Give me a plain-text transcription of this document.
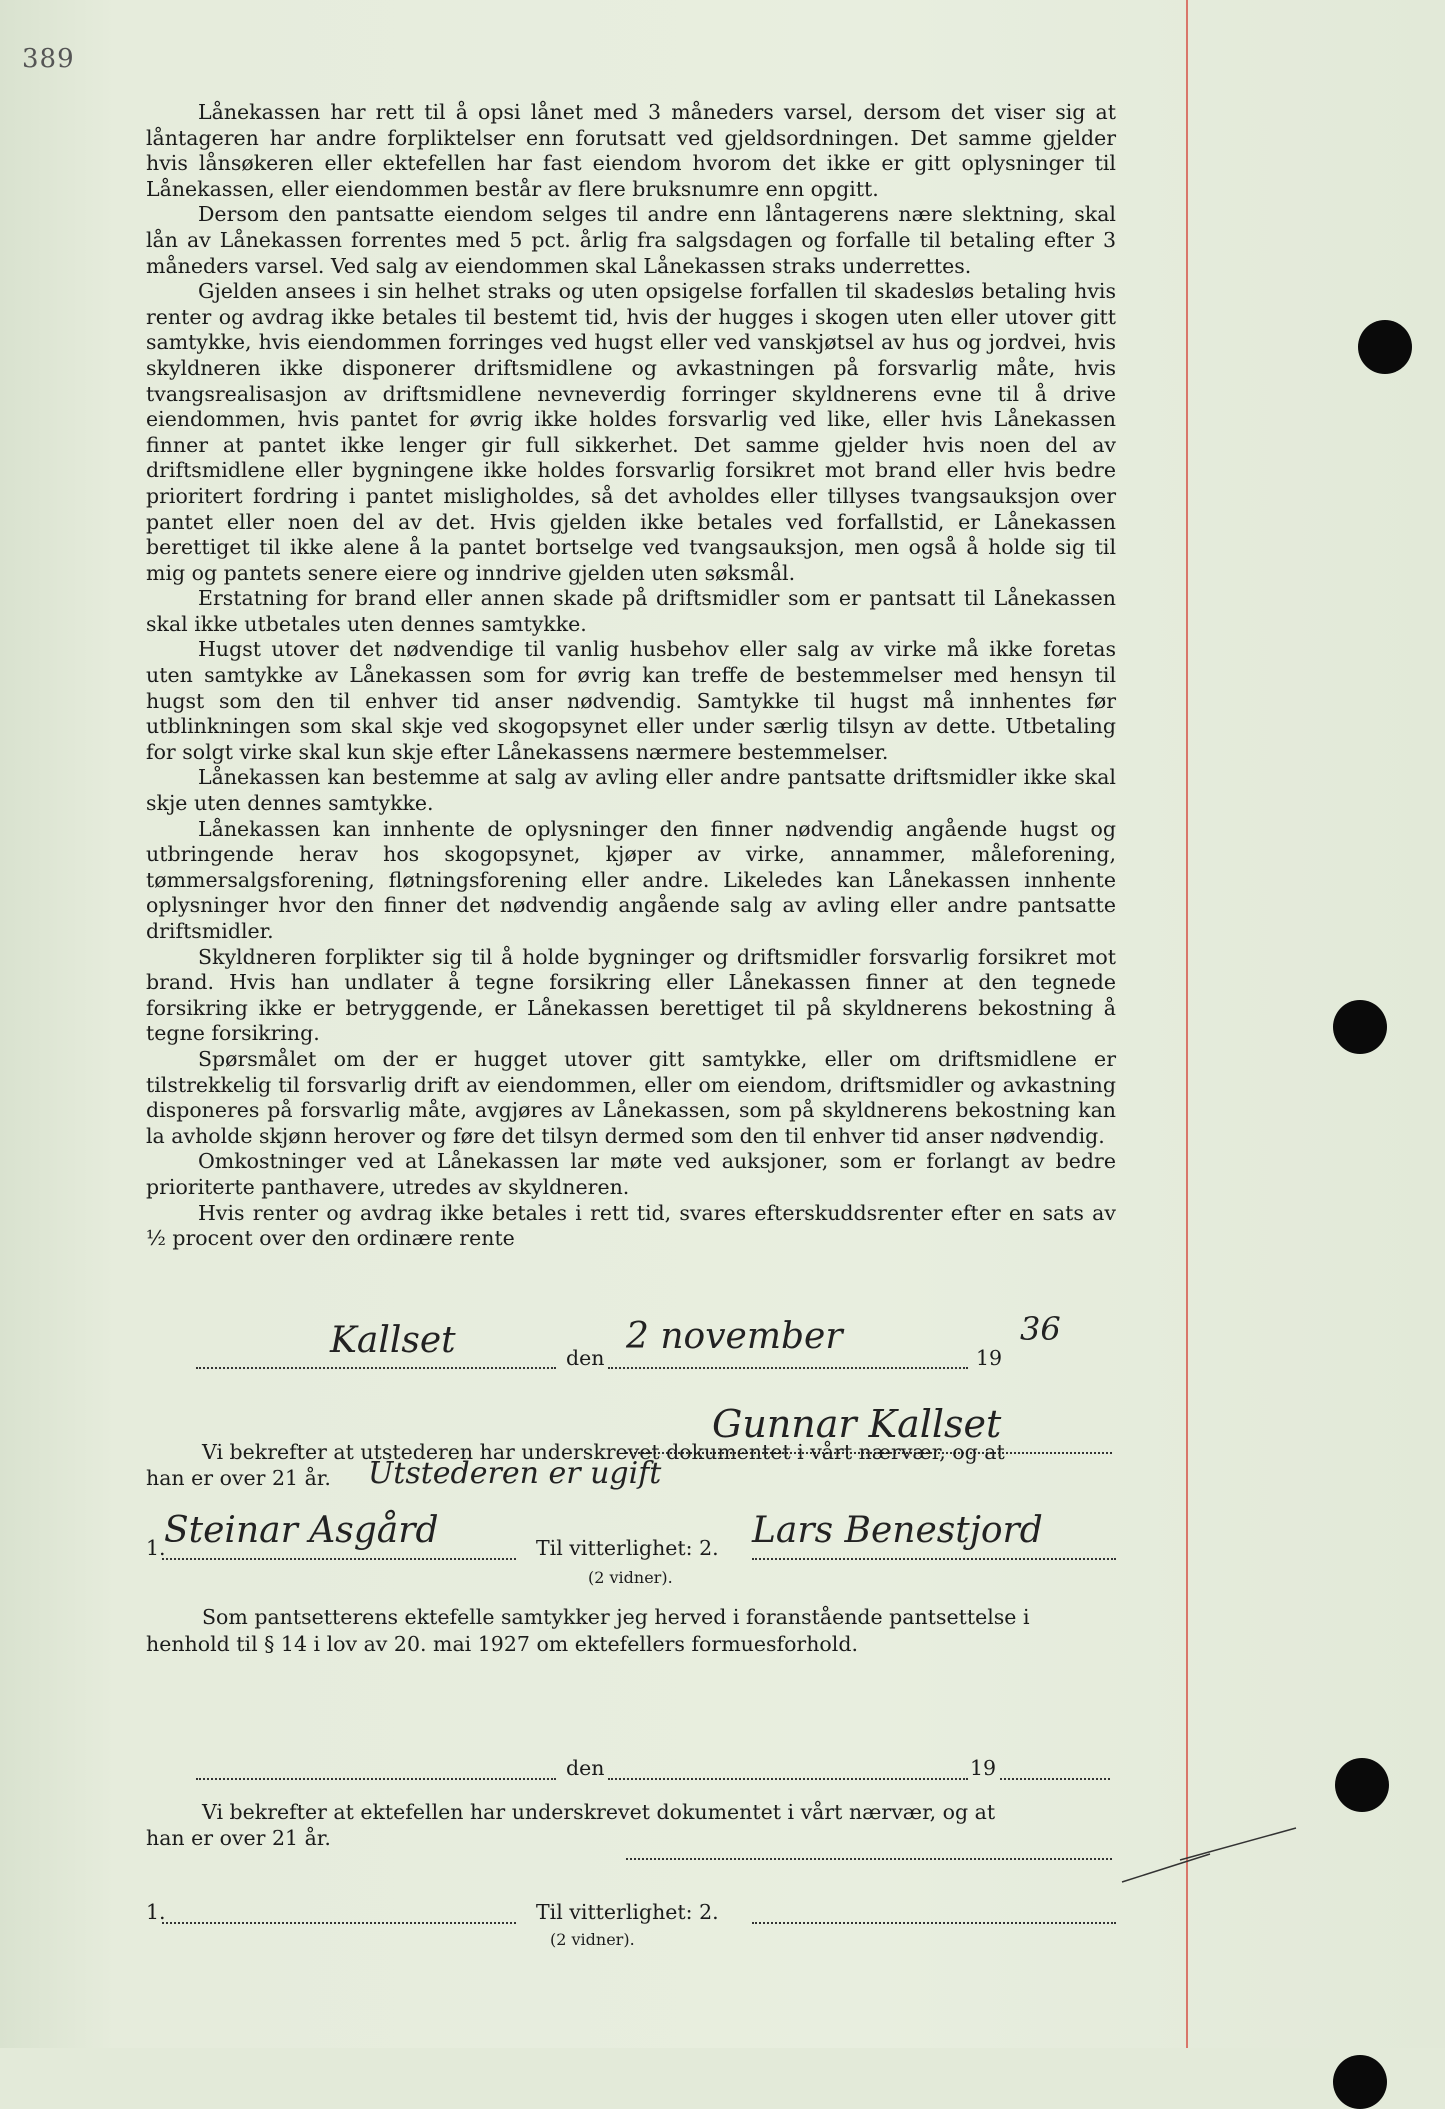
389

Lånekassen har rett til å opsi lånet med 3 måneders varsel, dersom det viser sig at låntageren har andre forpliktelser enn forutsatt ved gjeldsordningen. Det samme gjelder hvis lånsøkeren eller ektefellen har fast eiendom hvorom det ikke er gitt oplysninger til Lånekassen, eller eiendommen består av flere bruksnumre enn opgitt.

Dersom den pantsatte eiendom selges til andre enn låntagerens nære slektning, skal lån av Lånekassen forrentes med 5 pct. årlig fra salgsdagen og forfalle til betaling efter 3 måneders varsel. Ved salg av eiendommen skal Lånekassen straks underrettes.

Gjelden ansees i sin helhet straks og uten opsigelse forfallen til skadesløs betaling hvis renter og avdrag ikke betales til bestemt tid, hvis der hugges i skogen uten eller utover gitt samtykke, hvis eiendommen forringes ved hugst eller ved vanskjøtsel av hus og jordvei, hvis skyldneren ikke disponerer driftsmidlene og avkastningen på forsvarlig måte, hvis tvangsrealisasjon av driftsmidlene nevneverdig forringer skyldnerens evne til å drive eiendommen, hvis pantet for øvrig ikke holdes forsvarlig ved like, eller hvis Lånekassen finner at pantet ikke lenger gir full sikkerhet. Det samme gjelder hvis noen del av driftsmidlene eller bygningene ikke holdes forsvarlig forsikret mot brand eller hvis bedre prioritert fordring i pantet misligholdes, så det avholdes eller tillyses tvangsauksjon over pantet eller noen del av det. Hvis gjelden ikke betales ved forfallstid, er Lånekassen berettiget til ikke alene å la pantet bortselge ved tvangsauksjon, men også å holde sig til mig og pantets senere eiere og inndrive gjelden uten søksmål.

Erstatning for brand eller annen skade på driftsmidler som er pantsatt til Lånekassen skal ikke utbetales uten dennes samtykke.

Hugst utover det nødvendige til vanlig husbehov eller salg av virke må ikke foretas uten samtykke av Lånekassen som for øvrig kan treffe de bestemmelser med hensyn til hugst som den til enhver tid anser nødvendig. Samtykke til hugst må innhentes før utblinkningen som skal skje ved skogopsynet eller under særlig tilsyn av dette. Utbetaling for solgt virke skal kun skje efter Lånekassens nærmere bestemmelser.

Lånekassen kan bestemme at salg av avling eller andre pantsatte driftsmidler ikke skal skje uten dennes samtykke.

Lånekassen kan innhente de oplysninger den finner nødvendig angående hugst og utbringende herav hos skogopsynet, kjøper av virke, annammer, måleforening, tømmersalgsforening, fløtningsforening eller andre. Likeledes kan Lånekassen innhente oplysninger hvor den finner det nødvendig angående salg av avling eller andre pantsatte driftsmidler.

Skyldneren forplikter sig til å holde bygninger og driftsmidler forsvarlig forsikret mot brand. Hvis han undlater å tegne forsikring eller Lånekassen finner at den tegnede forsikring ikke er betryggende, er Lånekassen berettiget til på skyldnerens bekostning å tegne forsikring.

Spørsmålet om der er hugget utover gitt samtykke, eller om driftsmidlene er tilstrekkelig til forsvarlig drift av eiendommen, eller om eiendom, driftsmidler og avkastning disponeres på forsvarlig måte, avgjøres av Lånekassen, som på skyldnerens bekostning kan la avholde skjønn herover og føre det tilsyn dermed som den til enhver tid anser nødvendig.

Omkostninger ved at Lånekassen lar møte ved auksjoner, som er forlangt av bedre prioriterte panthavere, utredes av skyldneren.

Hvis renter og avdrag ikke betales i rett tid, svares efterskuddsrenter efter en sats av ½ procent over den ordinære rente

Kallset	den
2 november
19
36
Gunnar Kallset
Vi bekrefter at utstederen har underskrevet dokumentet i vårt nærvær, og at
han er over 21 år. Utstederen er ugift
1.
Steinar Asgård	Til vitterlighet: 2. Lars Benestjord
(2 vidner).
Som pantsetterens ektefelle samtykker jeg herved i foranstående pantsettelse i
henhold til § 14 i lov av 20. mai 1927 om ektefellers formuesforhold.
den	19
Vi bekrefter at ektefellen har underskrevet dokumentet i vårt nærvær, og at
han er over 21 år.
1.	Til vitterlighet: 2.
(2 vidner).
